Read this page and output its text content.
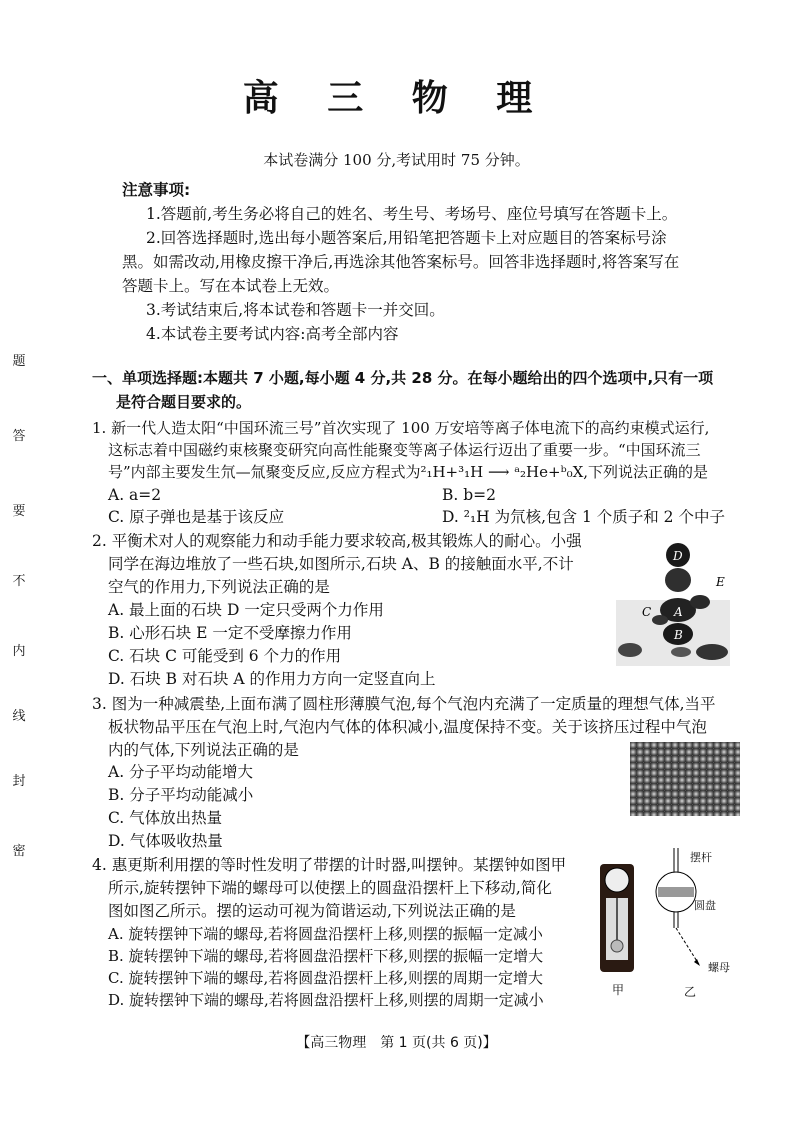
题
答
要
不
内
线
封
密
高 三 物 理
本试卷满分 100 分,考试用时 75 分钟。
注意事项:
1.答题前,考生务必将自己的姓名、考生号、考场号、座位号填写在答题卡上。
2.回答选择题时,选出每小题答案后,用铅笔把答题卡上对应题目的答案标号涂
黑。如需改动,用橡皮擦干净后,再选涂其他答案标号。回答非选择题时,将答案写在
答题卡上。写在本试卷上无效。
3.考试结束后,将本试卷和答题卡一并交回。
4.本试卷主要考试内容:高考全部内容
一、单项选择题:本题共 7 小题,每小题 4 分,共 28 分。在每小题给出的四个选项中,只有一项
是符合题目要求的。
1. 新一代人造太阳“中国环流三号”首次实现了 100 万安培等离子体电流下的高约束模式运行,
这标志着中国磁约束核聚变研究向高性能聚变等离子体运行迈出了重要一步。“中国环流三
号”内部主要发生氘—氚聚变反应,反应方程式为²₁H+³₁H ⟶ ᵃ₂He+ᵇ₀X,下列说法正确的是
A. a=2	B. b=2
C. 原子弹也是基于该反应	D. ²₁H 为氘核,包含 1 个质子和 2 个中子
2. 平衡术对人的观察能力和动手能力要求较高,极其锻炼人的耐心。小强
同学在海边堆放了一些石块,如图所示,石块 A、B 的接触面水平,不计
空气的作用力,下列说法正确的是
A. 最上面的石块 D 一定只受两个力作用
B. 心形石块 E 一定不受摩擦力作用
C. 石块 C 可能受到 6 个力的作用
D. 石块 B 对石块 A 的作用力方向一定竖直向上
D
E
C A
B
3. 图为一种减震垫,上面布满了圆柱形薄膜气泡,每个气泡内充满了一定质量的理想气体,当平
板状物品平压在气泡上时,气泡内气体的体积减小,温度保持不变。关于该挤压过程中气泡
内的气体,下列说法正确的是
A. 分子平均动能增大
B. 分子平均动能减小
C. 气体放出热量
D. 气体吸收热量
4. 惠更斯利用摆的等时性发明了带摆的计时器,叫摆钟。某摆钟如图甲
所示,旋转摆钟下端的螺母可以使摆上的圆盘沿摆杆上下移动,简化
图如图乙所示。摆的运动可视为简谐运动,下列说法正确的是
A. 旋转摆钟下端的螺母,若将圆盘沿摆杆上移,则摆的振幅一定减小
B. 旋转摆钟下端的螺母,若将圆盘沿摆杆下移,则摆的振幅一定增大
C. 旋转摆钟下端的螺母,若将圆盘沿摆杆上移,则摆的周期一定增大
D. 旋转摆钟下端的螺母,若将圆盘沿摆杆上移,则摆的周期一定减小
甲
摆杆
圆盘
螺母
乙
【高三物理　第 1 页(共 6 页)】
